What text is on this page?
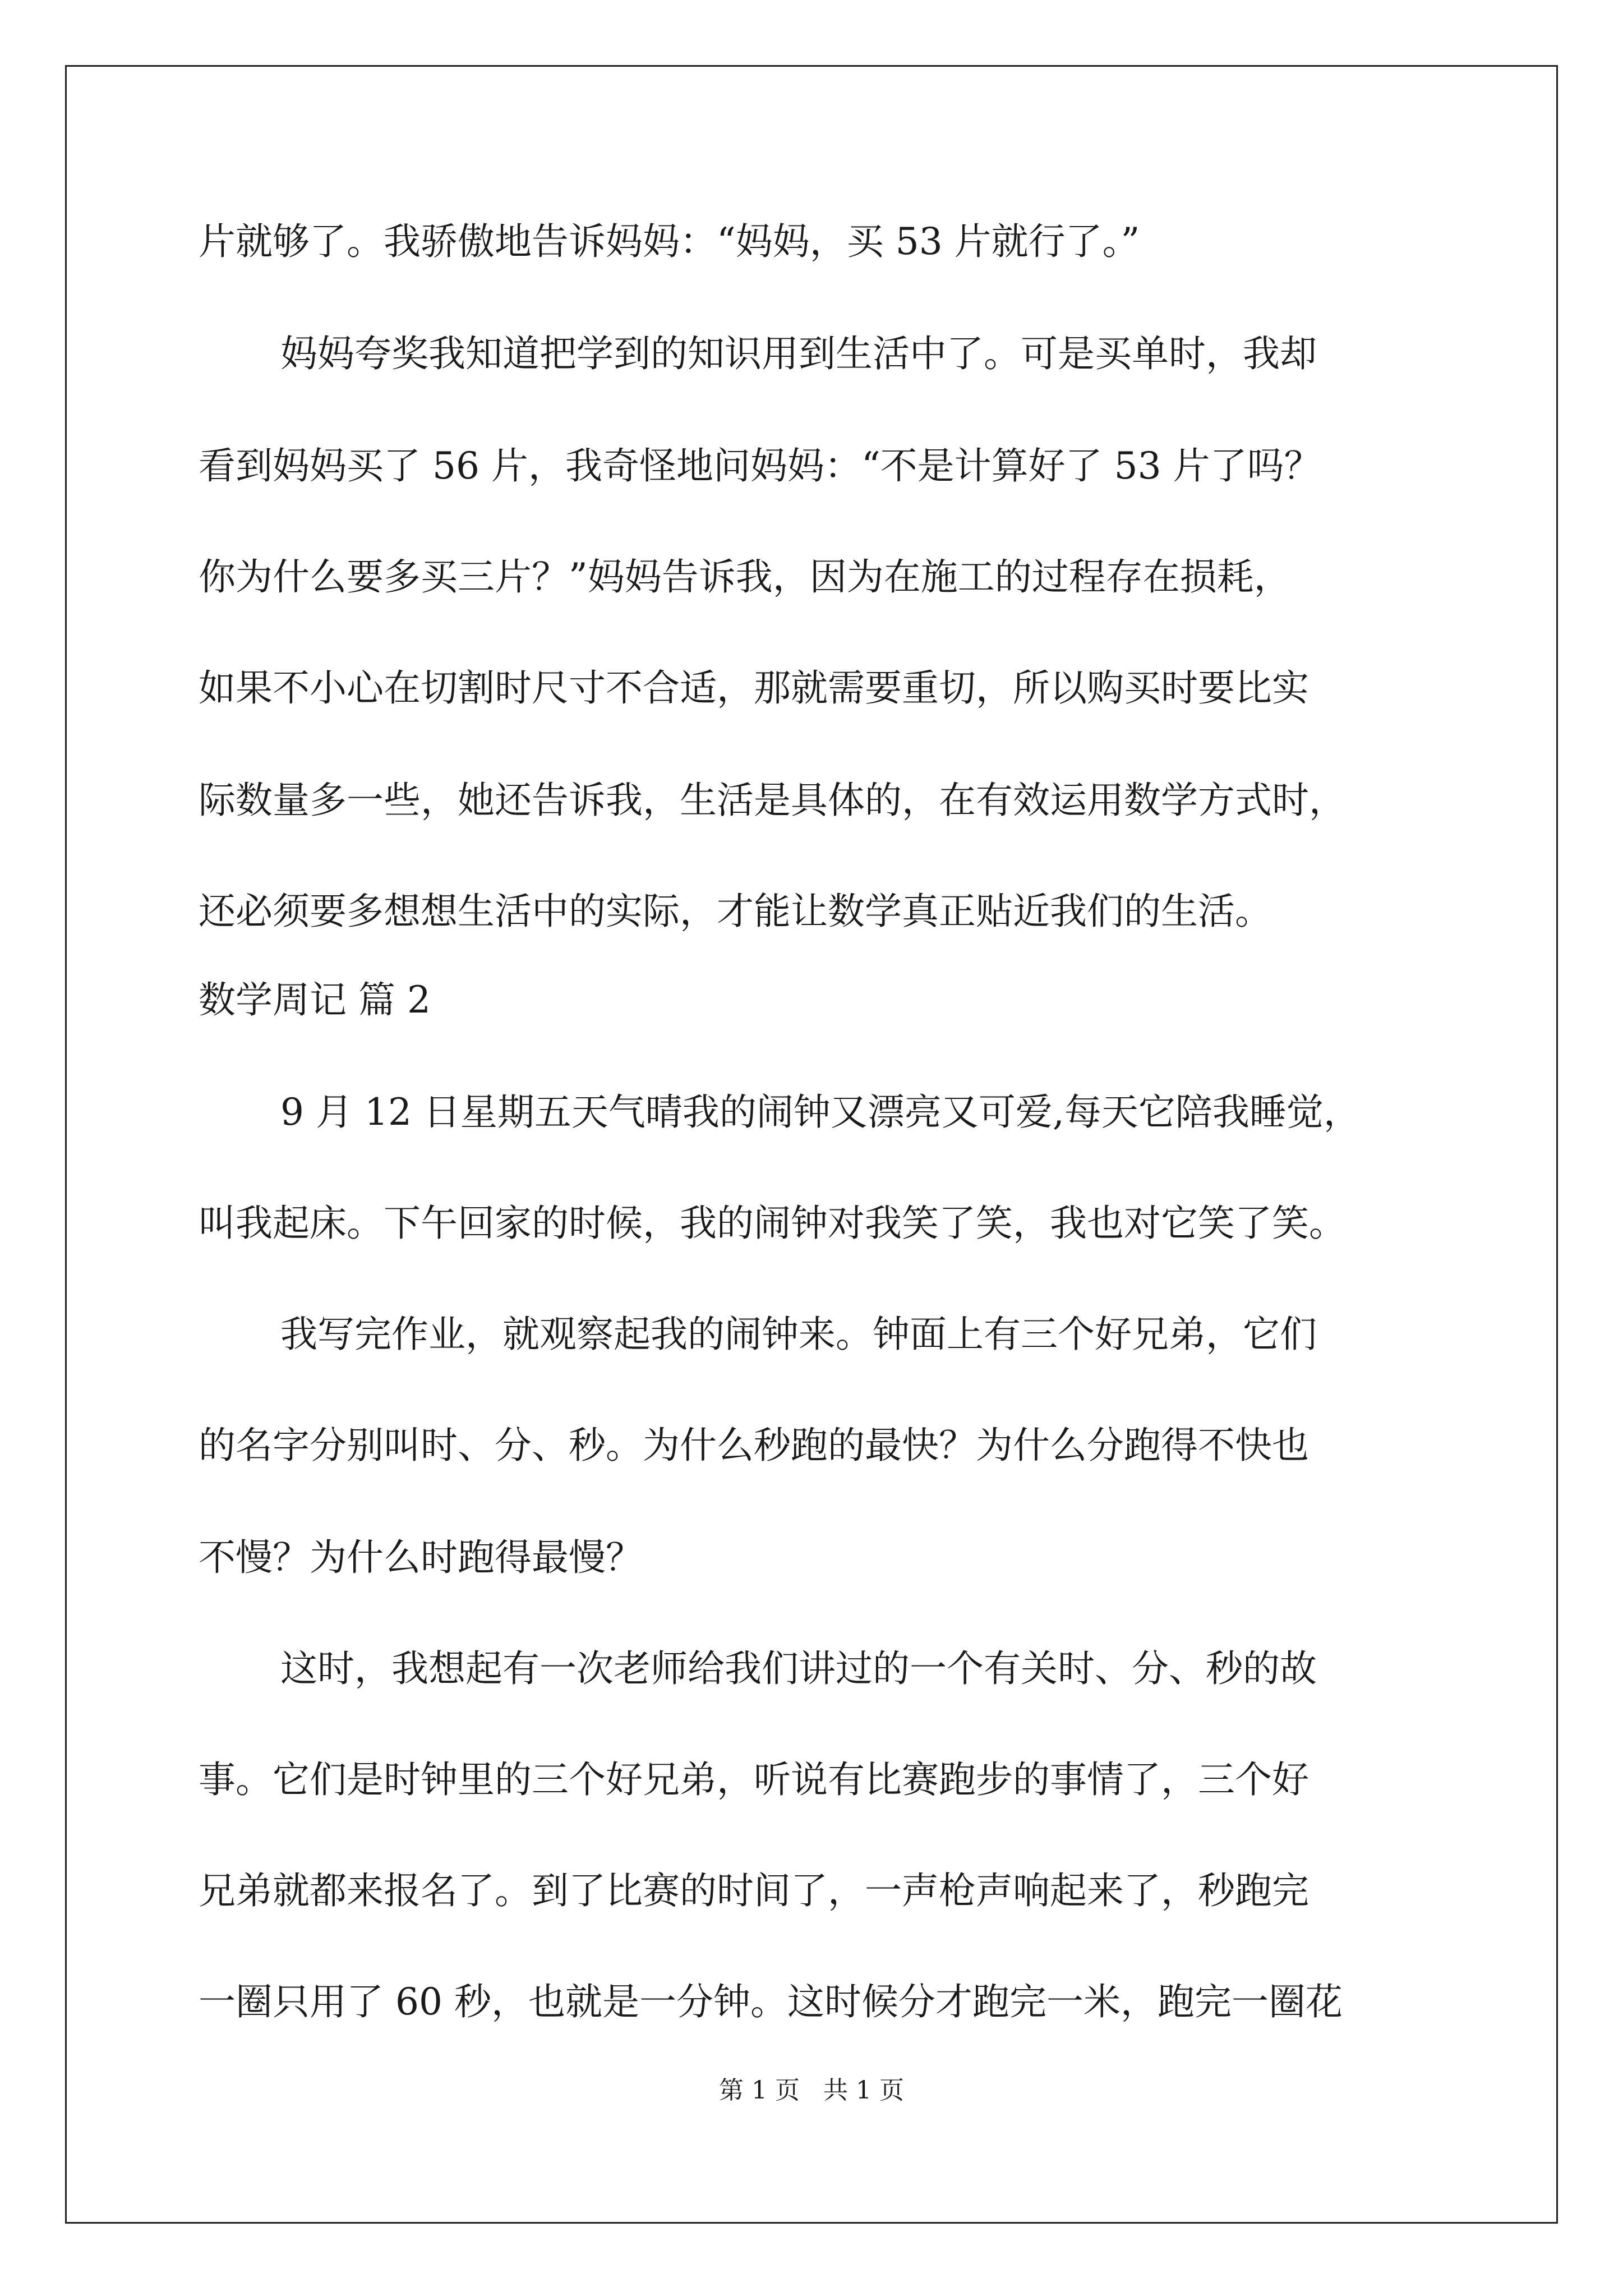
片就够了。我骄傲地告诉妈妈：“妈妈，买 53 片就行了。”
妈妈夸奖我知道把学到的知识用到生活中了。可是买单时，我却
看到妈妈买了 56 片，我奇怪地问妈妈：“不是计算好了 53 片了吗？
你为什么要多买三片？”妈妈告诉我，因为在施工的过程存在损耗，
如果不小心在切割时尺寸不合适，那就需要重切，所以购买时要比实
际数量多一些，她还告诉我，生活是具体的，在有效运用数学方式时，
还必须要多想想生活中的实际，才能让数学真正贴近我们的生活。
数学周记 篇 2
9 月 12 日星期五天气晴我的闹钟又漂亮又可爱,每天它陪我睡觉，
叫我起床。下午回家的时候，我的闹钟对我笑了笑，我也对它笑了笑。
我写完作业，就观察起我的闹钟来。钟面上有三个好兄弟，它们
的名字分别叫时、分、秒。为什么秒跑的最快？为什么分跑得不快也
不慢？为什么时跑得最慢？
这时，我想起有一次老师给我们讲过的一个有关时、分、秒的故
事。它们是时钟里的三个好兄弟，听说有比赛跑步的事情了，三个好
兄弟就都来报名了。到了比赛的时间了，一声枪声响起来了，秒跑完
一圈只用了 60 秒，也就是一分钟。这时候分才跑完一米，跑完一圈花
第 1 页 共 1 页
